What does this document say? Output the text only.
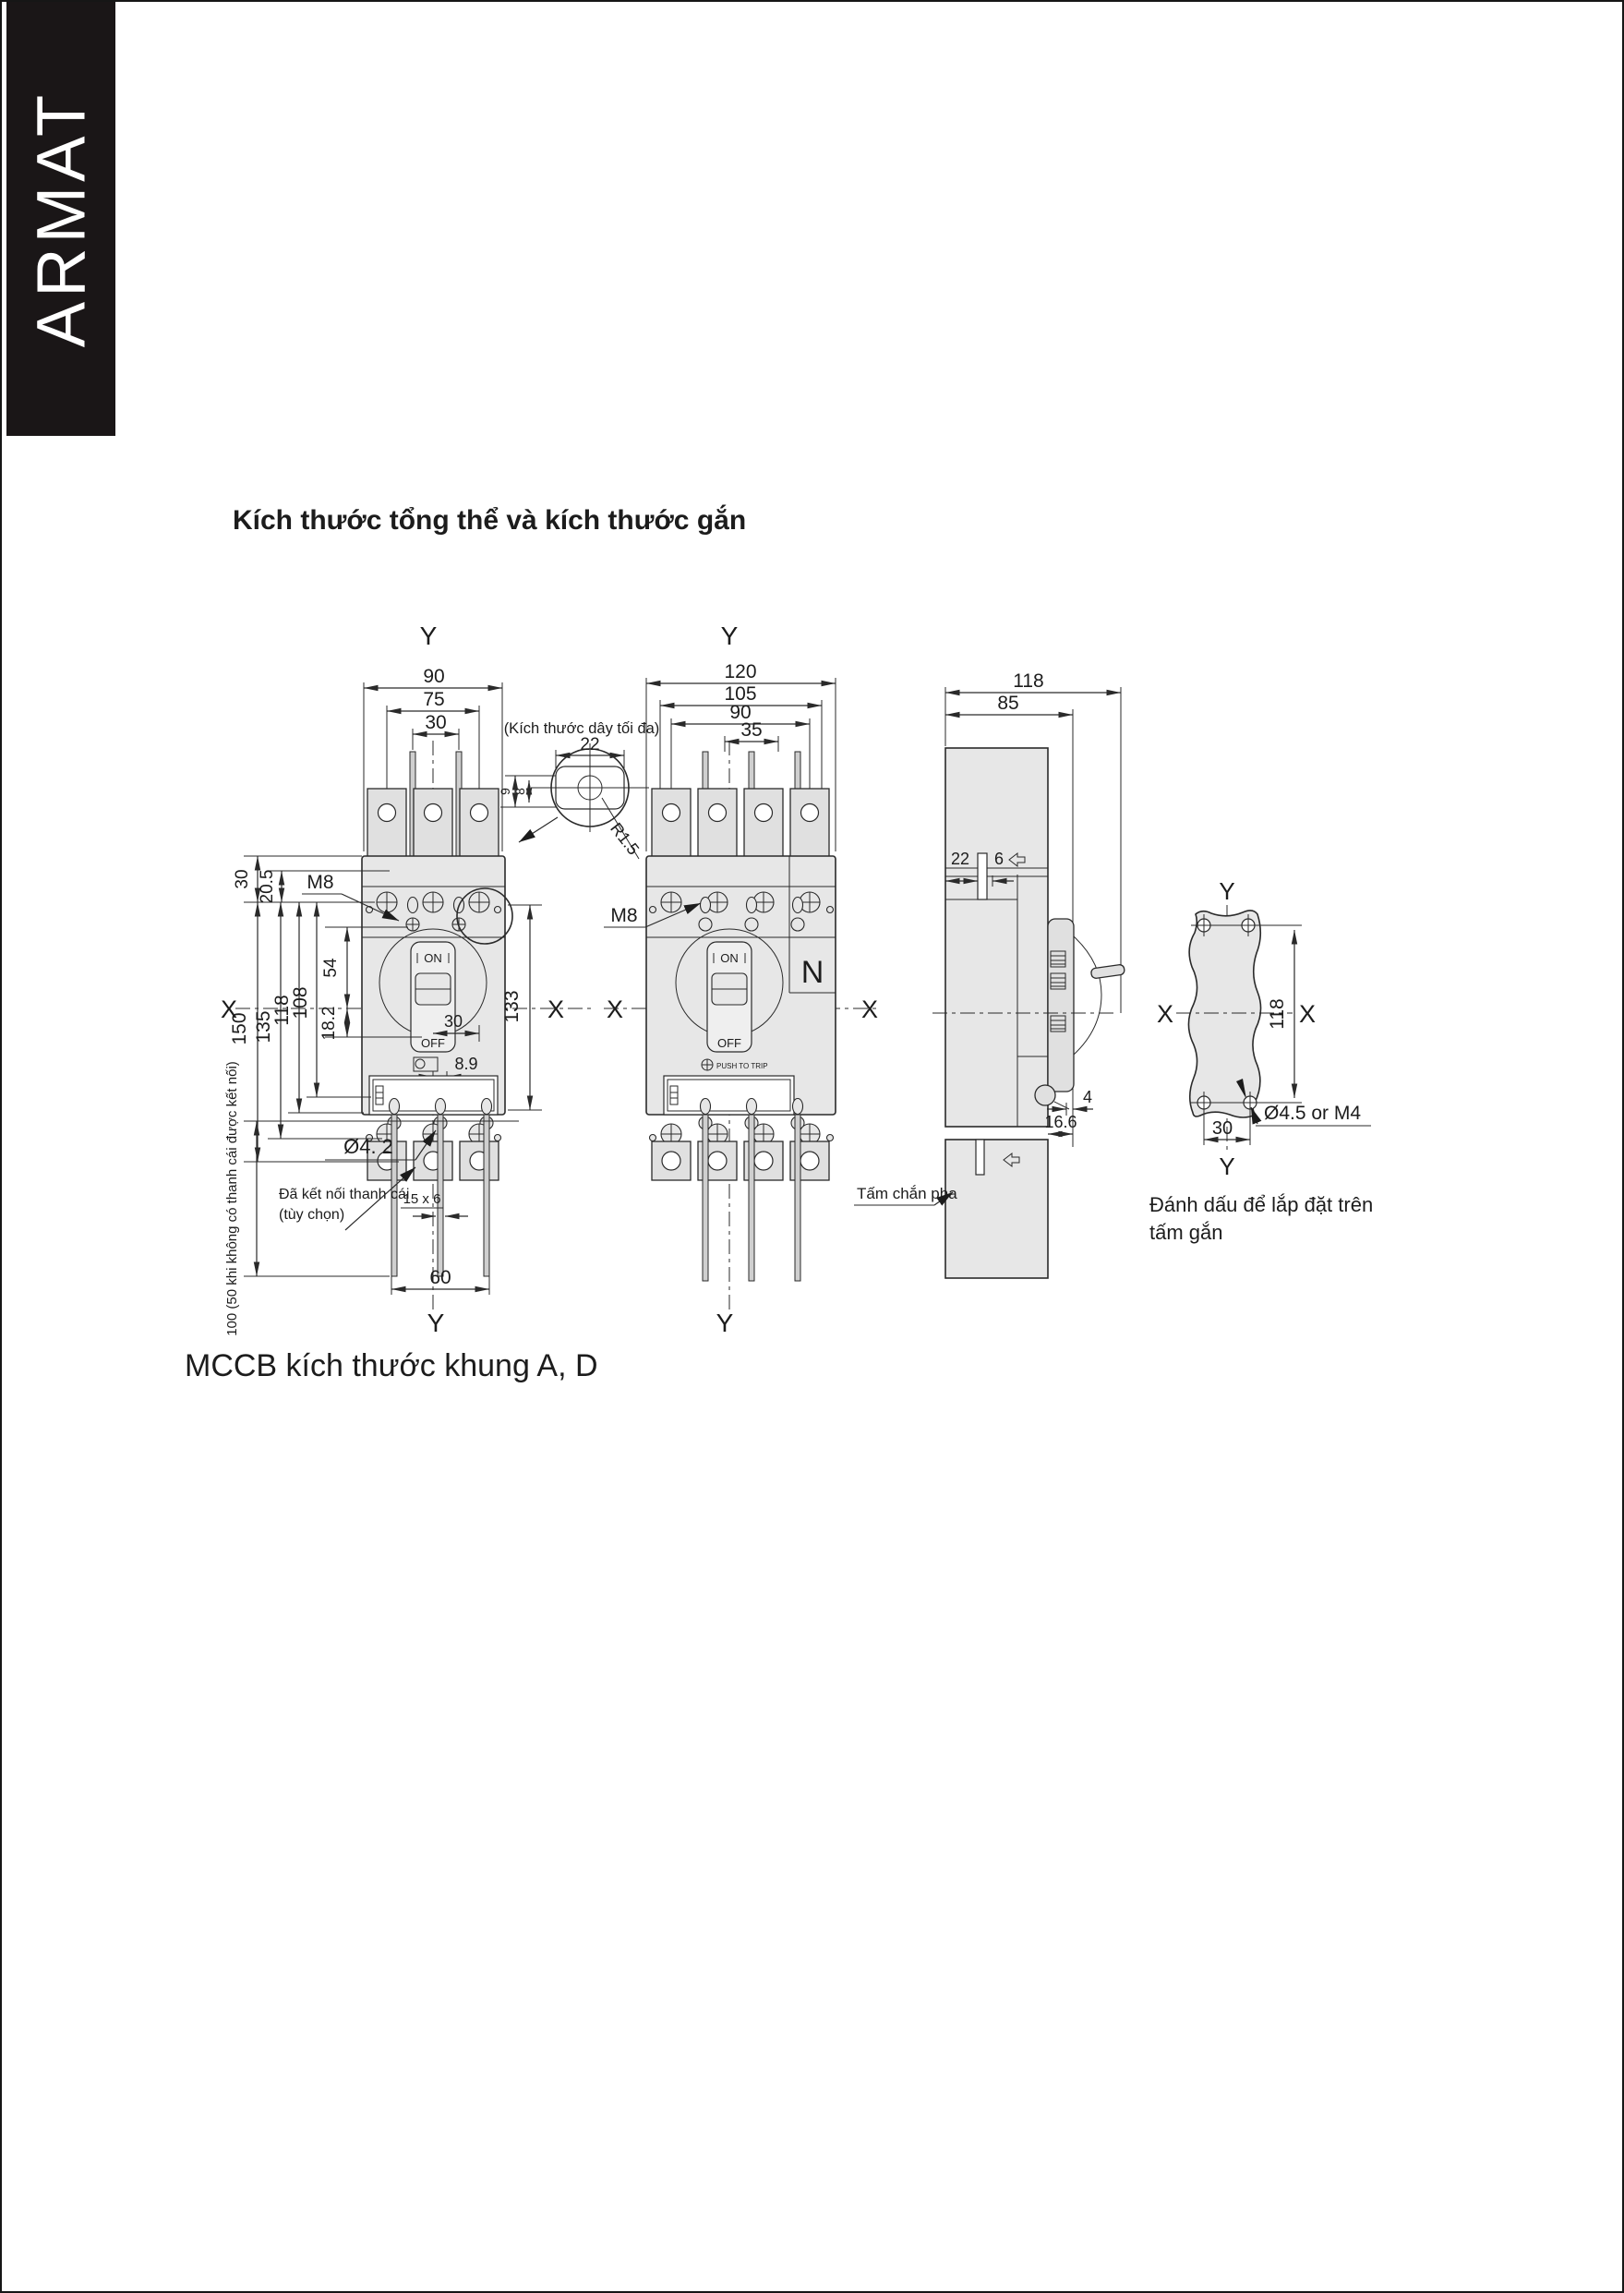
ARMAT
Kích thước tổng thể và kích thước gắn
MCCB kích thước khung A, D
Y
X	X
90
75
30
ON
OFF
30
8.9
30 20.5
150 135
118
108
54
18.2	133
M8
Ø4. 2
Đã kết nối thanh cái
(tùy chọn)
100 (50 khi không có thanh cái được kết nối)	15 x 6
60
Y
(Kích thước dây tối đa)
22
9 8
R1.5
Y
X	X
120
105
90
35
N
ON
OFF
PUSH TO TRIP
M8
Y
118
85
22 6
4
16.6
Tấm chắn pha
Y
X	X
118
30
Y
Ø4.5 or M4
Đánh dấu để lắp đặt trên
tấm gắn
